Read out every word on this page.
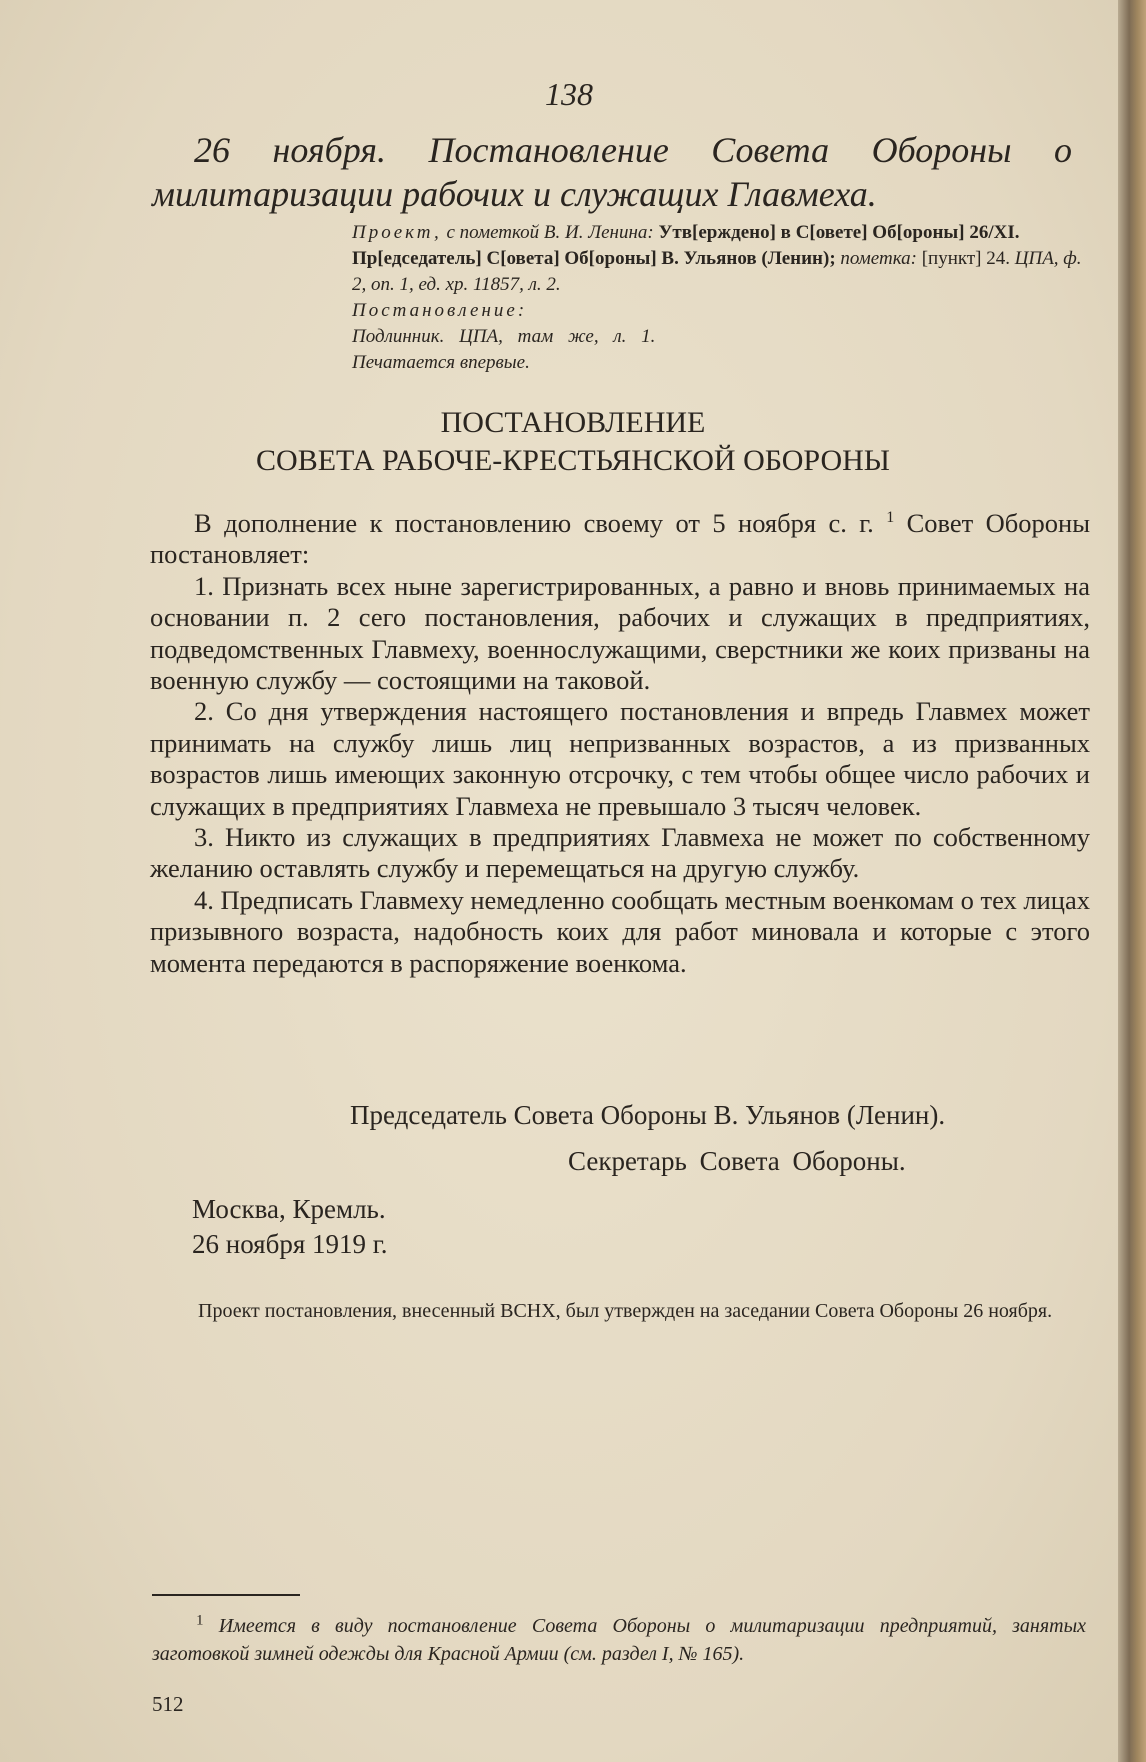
138
26 ноября. Постановление Совета Обороны о милитаризации рабочих и служащих Главмеха.

Проект, с пометкой В. И. Ленина: Утв[ерждено] в С[овете] Об[ороны] 26/XI. Пр[едседатель] С[овета] Об[ороны] В. Ульянов (Ленин); пометка: [пункт] 24. ЦПА, ф. 2, оп. 1, ед. хр. 11857, л. 2.

Постановление:

Подлинник. ЦПА, там же, л. 1.

Печатается впервые.

ПОСТАНОВЛЕНИЕ
СОВЕТА РАБОЧЕ-КРЕСТЬЯНСКОЙ ОБОРОНЫ

В дополнение к постановлению своему от 5 ноября с. г. $^1$ Совет Обороны постановляет:

1. Признать всех ныне зарегистрированных, а равно и вновь принимаемых на основании п. 2 сего постановления, рабочих и служащих в предприятиях, подведомственных Главмеху, военнослужащими, сверстники же коих призваны на военную службу — состоящими на таковой.

2. Со дня утверждения настоящего постановления и впредь Главмех может принимать на службу лишь лиц непризванных возрастов, а из призванных возрастов лишь имеющих законную отсрочку, с тем чтобы общее число рабочих и служащих в предприятиях Главмеха не превышало 3 тысяч человек.

3. Никто из служащих в предприятиях Главмеха не может по собственному желанию оставлять службу и перемещаться на другую службу.

4. Предписать Главмеху немедленно сообщать местным военкомам о тех лицах призывного возраста, надобность коих для работ миновала и которые с этого момента передаются в распоряжение военкома.

Председатель Совета Обороны В. Ульянов (Ленин).
Секретарь Совета Обороны.
Москва, Кремль.
26 ноября 1919 г.
Проект постановления, внесенный ВСНХ, был утвержден на заседании Совета Обороны 26 ноября.
$^1$ Имеется в виду постановление Совета Обороны о милитаризации предприятий, занятых заготовкой зимней одежды для Красной Армии (см. раздел I, № 165).
512
